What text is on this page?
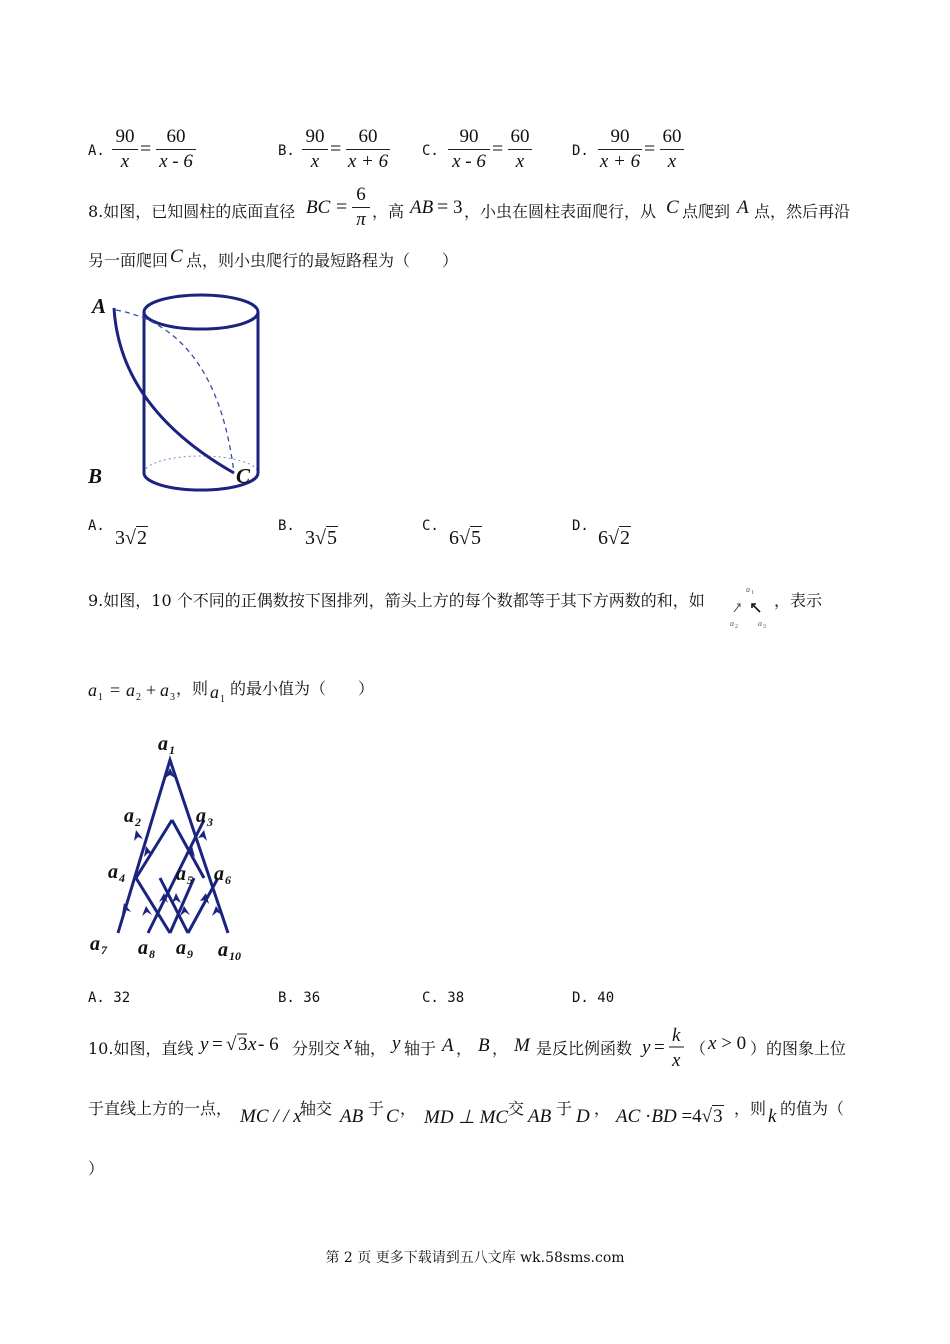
A.
90
x
=
60
x - 6	B.
90
x
=
60
x + 6 C.
90
x - 6
=
60
x	D.
90
x + 6
=
60
x
8.如图，已知圆柱的底面直径 BC =
6
π ，高 AB = 3 ，小虫在圆柱表面爬行，从 C 点爬到 A 点，然后再沿
另一面爬回 C 点，则小虫爬行的最短路程为（　　）
A
B	C
A.
3√2
B.
3√5
C.
6√5
D.
6√2
9.如图，10 个不同的正偶数按下图排列，箭头上方的每个数都等于其下方两数的和，如
a 1
a 2	a 3
，表示
a 1 = a 2 + a 3 ，则 a 1
的最小值为（　　）
a 1
a 2	a 3
a 4	a 5 a 6
a 7 a 8 a 9 a 10
A. 32	B. 36	C. 38	D. 40
10.如图，直线 y = √ 3 x - 6 分别交 x 轴， y 轴于 A ， B ， M 是反比例函数 y =
k
x
（ x > 0 ）的图象上位
于直线上方的一点， MC / / x
轴交 AB 于 C ， MD ⊥ MC 交 AB 于 D ， AC ·BD =4√3 ，则 k 的值为（
）
第 2 页 更多下载请到五八文库 wk.58sms.com
